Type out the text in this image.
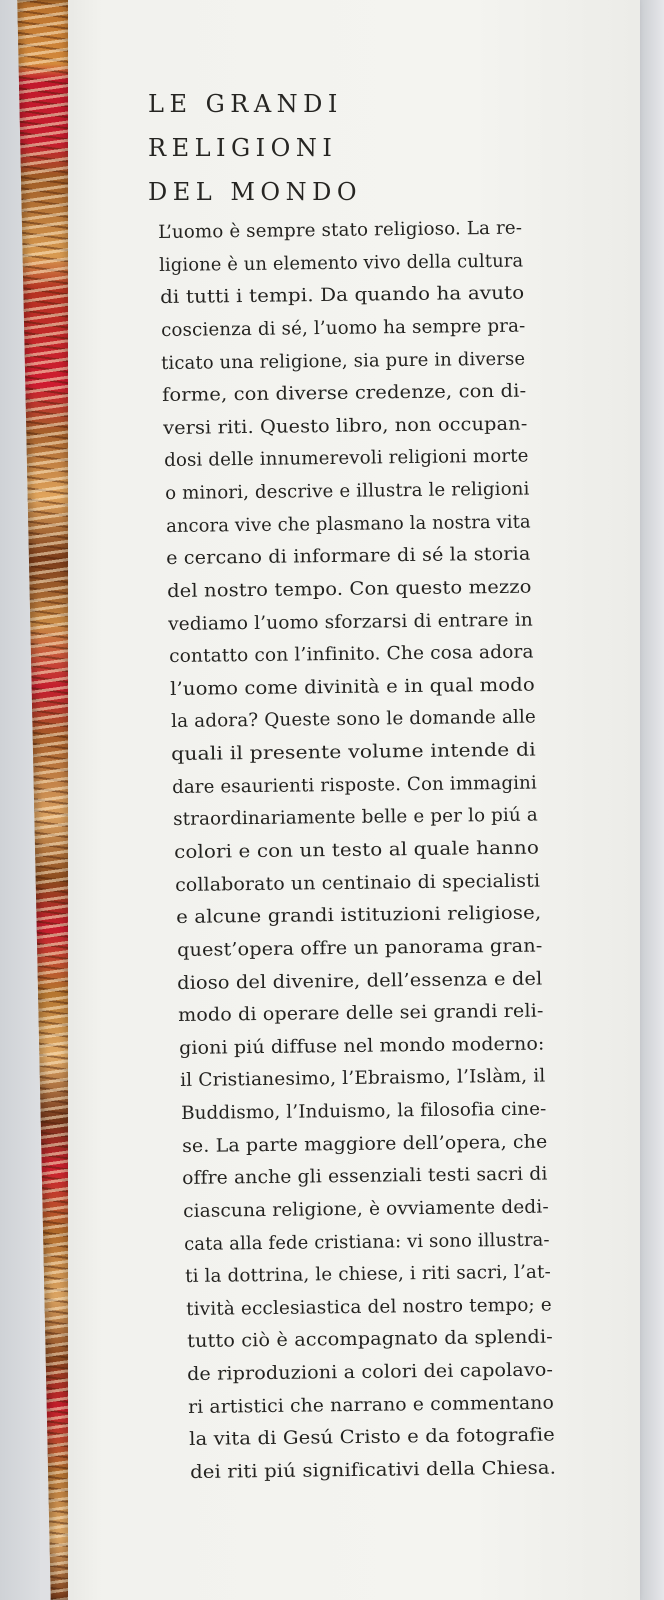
LE GRANDI
RELIGIONI
DEL MONDO
L’uomo è sempre stato religioso. La re-
ligione è un elemento vivo della cultura
di tutti i tempi. Da quando ha avuto
coscienza di sé, l’uomo ha sempre pra-
ticato una religione, sia pure in diverse
forme, con diverse credenze, con di-
versi riti. Questo libro, non occupan-
dosi delle innumerevoli religioni morte
o minori, descrive e illustra le religioni
ancora vive che plasmano la nostra vita
e cercano di informare di sé la storia
del nostro tempo. Con questo mezzo
vediamo l’uomo sforzarsi di entrare in
contatto con l’infinito. Che cosa adora
l’uomo come divinità e in qual modo
la adora? Queste sono le domande alle
quali il presente volume intende di
dare esaurienti risposte. Con immagini
straordinariamente belle e per lo piú a
colori e con un testo al quale hanno
collaborato un centinaio di specialisti
e alcune grandi istituzioni religiose,
quest’opera offre un panorama gran-
dioso del divenire, dell’essenza e del
modo di operare delle sei grandi reli-
gioni piú diffuse nel mondo moderno:
il Cristianesimo, l’Ebraismo, l’Islàm, il
Buddismo, l’Induismo, la filosofia cine-
se. La parte maggiore dell’opera, che
offre anche gli essenziali testi sacri di
ciascuna religione, è ovviamente dedi-
cata alla fede cristiana: vi sono illustra-
ti la dottrina, le chiese, i riti sacri, l’at-
tività ecclesiastica del nostro tempo; e
tutto ciò è accompagnato da splendi-
de riproduzioni a colori dei capolavo-
ri artistici che narrano e commentano
la vita di Gesú Cristo e da fotografie
dei riti piú significativi della Chiesa.
